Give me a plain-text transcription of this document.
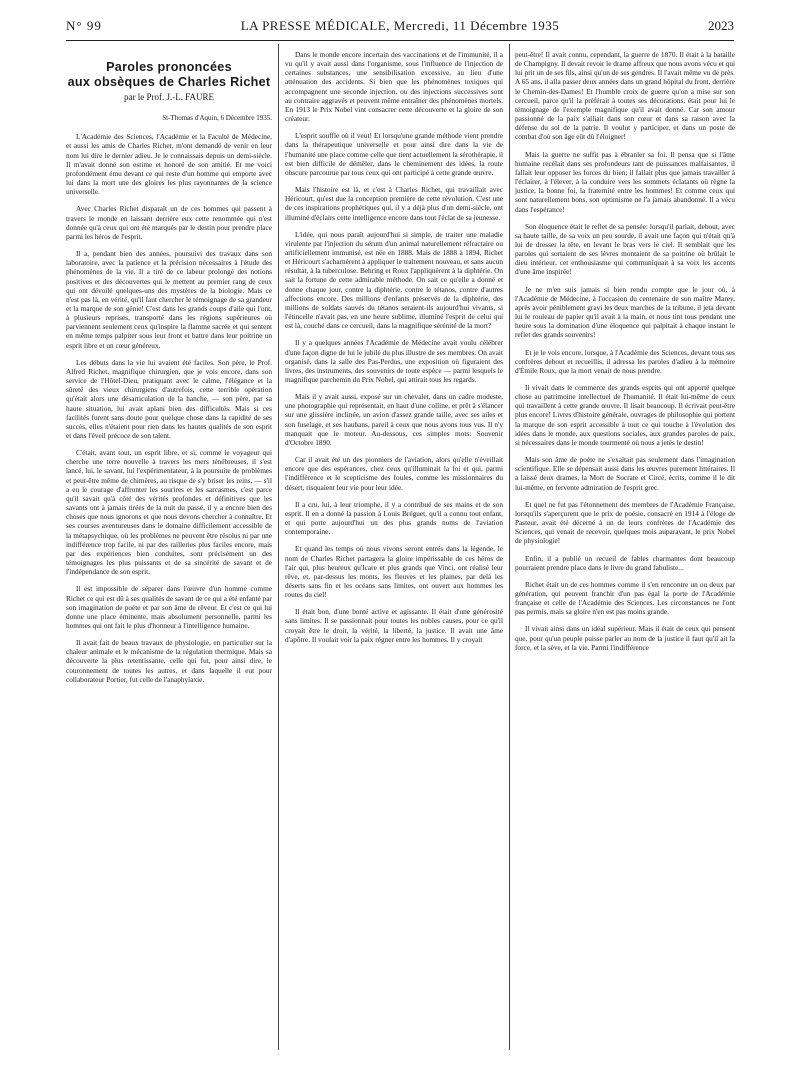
N° 99	LA PRESSE MÉDICALE, Mercredi, 11 Décembre 1935	2023
Paroles prononcées
aux obsèques de Charles Richet
par le Prof. J.-L. FAURE
St-Thomas d'Aquin, 6 Décembre 1935.

L'Académie des Sciences, l'Académie et la Faculté de Médecine, et aussi les amis de Charles Richet, m'ont demandé de venir en leur nom lui dire le dernier adieu. Je le connaissais depuis un demi-siècle. Il m'avait donné son estime et honoré de son amitié. Et me voici profondément ému devant ce qui reste d'un homme qui emporte avec lui dans la mort une des gloires les plus rayonnantes de la science universelle.

Avec Charles Richet disparaît un de ces hommes qui passent à travers le monde en laissant derrière eux cette renommée qui n'est donnée qu'à ceux qui ont été marqués par le destin pour prendre place parmi les héros de l'esprit.

Il a, pendant bien des années, poursuivi des travaux dans son laboratoire, avec la patience et la précision nécessaires à l'étude des phénomènes de la vie. Il a tiré de ce labeur prolongé des notions positives et des découvertes qui le mettent au premier rang de ceux qui ont dévoilé quelques-uns des mystères de la biologie. Mais ce n'est pas là, en vérité, qu'il faut chercher le témoignage de sa grandeur et la marque de son génie! C'est dans les grands coups d'aile qui l'ont, à plusieurs reprises, transporté dans les régions supérieures où parviennent seulement ceux qu'inspire la flamme sacrée et qui sentent en même temps palpiter sous leur front et battre dans leur poitrine un esprit libre et un cœur généreux.

Les débuts dans la vie lui avaient été faciles. Son père, le Prof. Alfred Richet, magnifique chirurgien, que je vois encore, dans son service de l'Hôtel-Dieu, pratiquant avec le calme, l'élégance et la sûreté des vieux chirurgiens d'autrefois, cette terrible opération qu'était alors une désarticulation de la hanche, — son père, par sa haute situation, lui avait aplani bien des difficultés. Mais si ces facilités furent sans doute pour quelque chose dans la rapidité de ses succès, elles n'étaient pour rien dans les hautes qualités de son esprit et dans l'éveil précoce de son talent.

C'était, avant tout, un esprit libre, et si, comme le voyageur qui cherche une terre nouvelle à travers les mers ténébreuses, il s'est lancé, lui, le savant, lui l'expérimentateur, à la poursuite de problèmes et peut-être même de chimères, au risque de s'y briser les reins, — s'il a eu le courage d'affronter les sourires et les sarcasmes, c'est parce qu'il savait qu'à côté des vérités profondes et définitives que les savants ont à jamais tirées de la nuit du passé, il y a encore bien des choses que nous ignorons et que nous devons chercher à connaître. Et ses courses aventureuses dans le domaine difficilement accessible de la métapsychique, où les problèmes ne peuvent être résolus ni par une indifférence trop facile, ni par des railleries plus faciles encore, mais par des expériences bien conduites, sont précisément un des témoignages les plus puissants et de sa sincérité de savant et de l'indépendance de son esprit.

Il est impossible de séparer dans l'œuvre d'un homme comme Richet ce qui est dû à ses qualités de savant de ce qui a été enfanté par son imagination de poète et par son âme de rêveur. Et c'est ce qui lui donne une place éminente, mais absolument personnelle, parmi les hommes qui ont fait le plus d'honneur à l'intelligence humaine.

Il avait fait de beaux travaux de physiologie, en particulier sur la chaleur animale et le mécanisme de la régulation thermique. Mais sa découverte la plus retentissante, celle qui fut, pour ainsi dire, le couronnement de toutes les autres, et dans laquelle il eut pour collaborateur Portier, fut celle de l'anaphylaxie.

Dans le monde encore incertain des vaccinations et de l'immunité, il a vu qu'il y avait aussi dans l'organisme, sous l'influence de l'injection de certaines substances, une sensibilisation excessive, au lieu d'une atténuation des accidents. Si bien que les phénomènes toxiques qui accompagnent une seconde injection, ou des injections successives sont au contraire aggravés et peuvent même entraîner des phénomènes mortels. En 1913 le Prix Nobel vint consacrer cette découverte et la gloire de son créateur.

L'esprit souffle où il veut! Et lorsqu'une grande méthode vient prendre dans la thérapeutique universelle et pour ainsi dire dans la vie de l'humanité une place comme celle que tient actuellement la sérothérapie, il est bien difficile de démêler, dans le cheminement des idées, la route obscure parcourue par tous ceux qui ont participé à cette grande œuvre.

Mais l'histoire est là, et c'est à Charles Richet, qui travaillait avec Héricourt, qu'est due la conception première de cette révolution. C'est une de ces inspirations prophétiques qui, il y a déjà plus d'un demi-siècle, ont illuminé d'éclairs cette intelligence encore dans tout l'éclat de sa jeunesse.

L'idée, qui nous paraît aujourd'hui si simple, de traiter une maladie virulente par l'injection du sérum d'un animal naturellement réfractaire ou artificiellement immunisé, est née en 1888. Mais de 1888 à 1894, Richet et Héricourt s'acharnèrent à appliquer le traitement nouveau, et sans aucun résultat, à la tuberculose. Behring et Roux l'appliquèrent à la diphtérie. On sait la fortune de cette admirable méthode. On sait ce qu'elle a donné et donne chaque jour, contre la diphtérie, contre le tétanos, contre d'autres affections encore. Des millions d'enfants préservés de la diphtérie, des millions de soldats sauvés du tétanos seraient-ils aujourd'hui vivants, si l'étincelle n'avait pas, en une heure sublime, illuminé l'esprit de celui qui est là, couché dans ce cercueil, dans la magnifique sérénité de la mort?

Il y a quelques années l'Académie de Médecine avait voulu célébrer d'une façon digne de lui le jubilé du plus illustre de ses membres. On avait organisé, dans la salle des Pas-Perdus, une exposition où figuraient des livres, des instruments, des souvenirs de toute espèce — parmi lesquels le magnifique parchemin du Prix Nobel, qui attirait tous les regards.

Mais il y avait aussi, exposé sur un chevalet, dans un cadre modeste, une photographie qui représentait, en haut d'une colline, et prêt à s'élancer sur une glissière inclinée, un avion d'assez grande taille, avec ses ailes et son fuselage, et ses haubans, pareil à ceux que nous avons tous vus. Il n'y manquait que le moteur. Au-dessous, ces simples mots: Souvenir d'Octobre 1890.

Car il avait été un des pionniers de l'aviation, alors qu'elle n'éveillait encore que des espérances, chez ceux qu'illuminait la foi et qui, parmi l'indifférence et le scepticisme des foules, comme les missionnaires du désert, risquaient leur vie pour leur idée.

Il a cru, lui, à leur triomphe, il y a contribué de ses mains et de son esprit. Il en a donné la passion à Louis Bréguet, qu'il a connu tout enfant, et qui porte aujourd'hui un des plus grands noms de l'aviation contemporaine.

Et quand les temps où nous vivons seront entrés dans la légende, le nom de Charles Richet partagera la gloire impérissable de ces héros de l'air qui, plus heureux qu'Icare et plus grands que Vinci, ont réalisé leur rêve, et, par-dessus les monts, les fleuves et les plaines, par delà les déserts sans fin et les océans sans limites, ont ouvert aux hommes les routes du ciel!

Il était bon, d'une bonté active et agissante. Il était d'une générosité sans limites. Il se passionnait pour toutes les nobles causes, pour ce qu'il croyait être le droit, la vérité, la liberté, la justice. Il avait une âme d'apôtre. Il voulait voir la paix régner entre les hommes. Il y croyait

peut-être! Il avait connu, cependant, la guerre de 1870. Il était à la bataille de Champigny. Il devait revoir le drame affreux que nous avons vécu et qui lui prit un de ses fils, ainsi qu'un de ses gendres. Il l'avait même vu de près. A 65 ans, il alla passer deux années dans un grand hôpital du front, derrière le Chemin-des-Dames! Et l'humble croix de guerre qu'on a mise sur son cercueil, parce qu'il la préférait à toutes ses décorations, était pour lui le témoignage de l'exemple magnifique qu'il avait donné. Car son amour passionné de la paix s'alliait dans son cœur et dans sa raison avec la défense du sol de la patrie. Il voulut y participer, et dans un poste de combat d'où son âge eût dû l'éloigner!

Mais la guerre ne suffit pas à ébranler sa foi. Il pensa que si l'âme humaine recélait dans ses profondeurs tant de puissances malfaisantes, il fallait leur opposer les forces du bien; il fallait plus que jamais travailler à l'éclairer, à l'élever, à la conduire vers les sommets éclatants où règne la justice, la bonne foi, la fraternité entre les hommes! Et comme ceux qui sont naturellement bons, son optimisme ne l'a jamais abandonné. Il a vécu dans l'espérance!

Son éloquence était le reflet de sa pensée: lorsqu'il parlait, debout, avec sa haute taille, de sa voix un peu sourde, il avait une façon qui n'était qu'à lui de dresser la tête, en levant le bras vers le ciel. Il semblait que les paroles qui sortaient de ses lèvres montaient de sa poitrine où brûlait le dieu intérieur, cet enthousiasme qui communiquait à sa voix les accents d'une âme inspirée!

Je ne m'en suis jamais si bien rendu compte que le jour où, à l'Académie de Médecine, à l'occasion du centenaire de son maître Marey, après avoir péniblement gravi les deux marches de la tribune, il jeta devant lui le rouleau de papier qu'il avait à la main, et nous tint tous pendant une heure sous la domination d'une éloquence qui palpitait à chaque instant le reflet des grands souvenirs!

Et je le vois encore, lorsque, à l'Académie des Sciences, devant tous ses confrères debout et recueillis, il adressa les paroles d'adieu à la mémoire d'Émile Roux, que la mort venait de nous prendre.

Il vivait dans le commerce des grands esprits qui ont apporté quelque chose au patrimoine intellectuel de l'humanité. Il était lui-même de ceux qui travaillent à cette grande œuvre. Il lisait beaucoup. Il écrivait peut-être plus encore! Livres d'histoire générale, ouvrages de philosophie qui portent la marque de son esprit accessible à tout ce qui touche à l'évolution des idées dans le monde, aux questions sociales, aux grandes paroles de paix, si nécessaires dans le monde tourmenté où nous a jetés le destin!

Mais son âme de poète ne s'exaltait pas seulement dans l'imagination scientifique. Elle se dépensait aussi dans les œuvres purement littéraires. Il a laissé deux drames, la Mort de Socrate et Circé, écrits, comme il le dit lui-même, en fervente admiration de l'esprit grec.

Et quel ne fut pas l'étonnement des membres de l'Académie Française, lorsqu'ils s'aperçurent que le prix de poésie, consacré en 1914 à l'éloge de Pasteur, avait été décerné à un de leurs confrères de l'Académie des Sciences, qui venait de recevoir, quelques mois auparavant, le prix Nobel de physiologie!

Enfin, il a publié un recueil de fables charmantes dont beaucoup pourraient prendre place dans le livre du grand fabuliste...

Richet était un de ces hommes comme il s'en rencontre un ou deux par génération, qui peuvent franchir d'un pas égal la porte de l'Académie française et celle de l'Académie des Sciences. Les circonstances ne l'ont pas permis, mais sa gloire n'en est pas moins grande.

Il vivait ainsi dans un idéal supérieur. Mais il était de ceux qui pensent que, pour qu'un peuple puisse parler au nom de la justice il faut qu'il ait la force, et la sève, et la vie. Parmi l'indifférence
